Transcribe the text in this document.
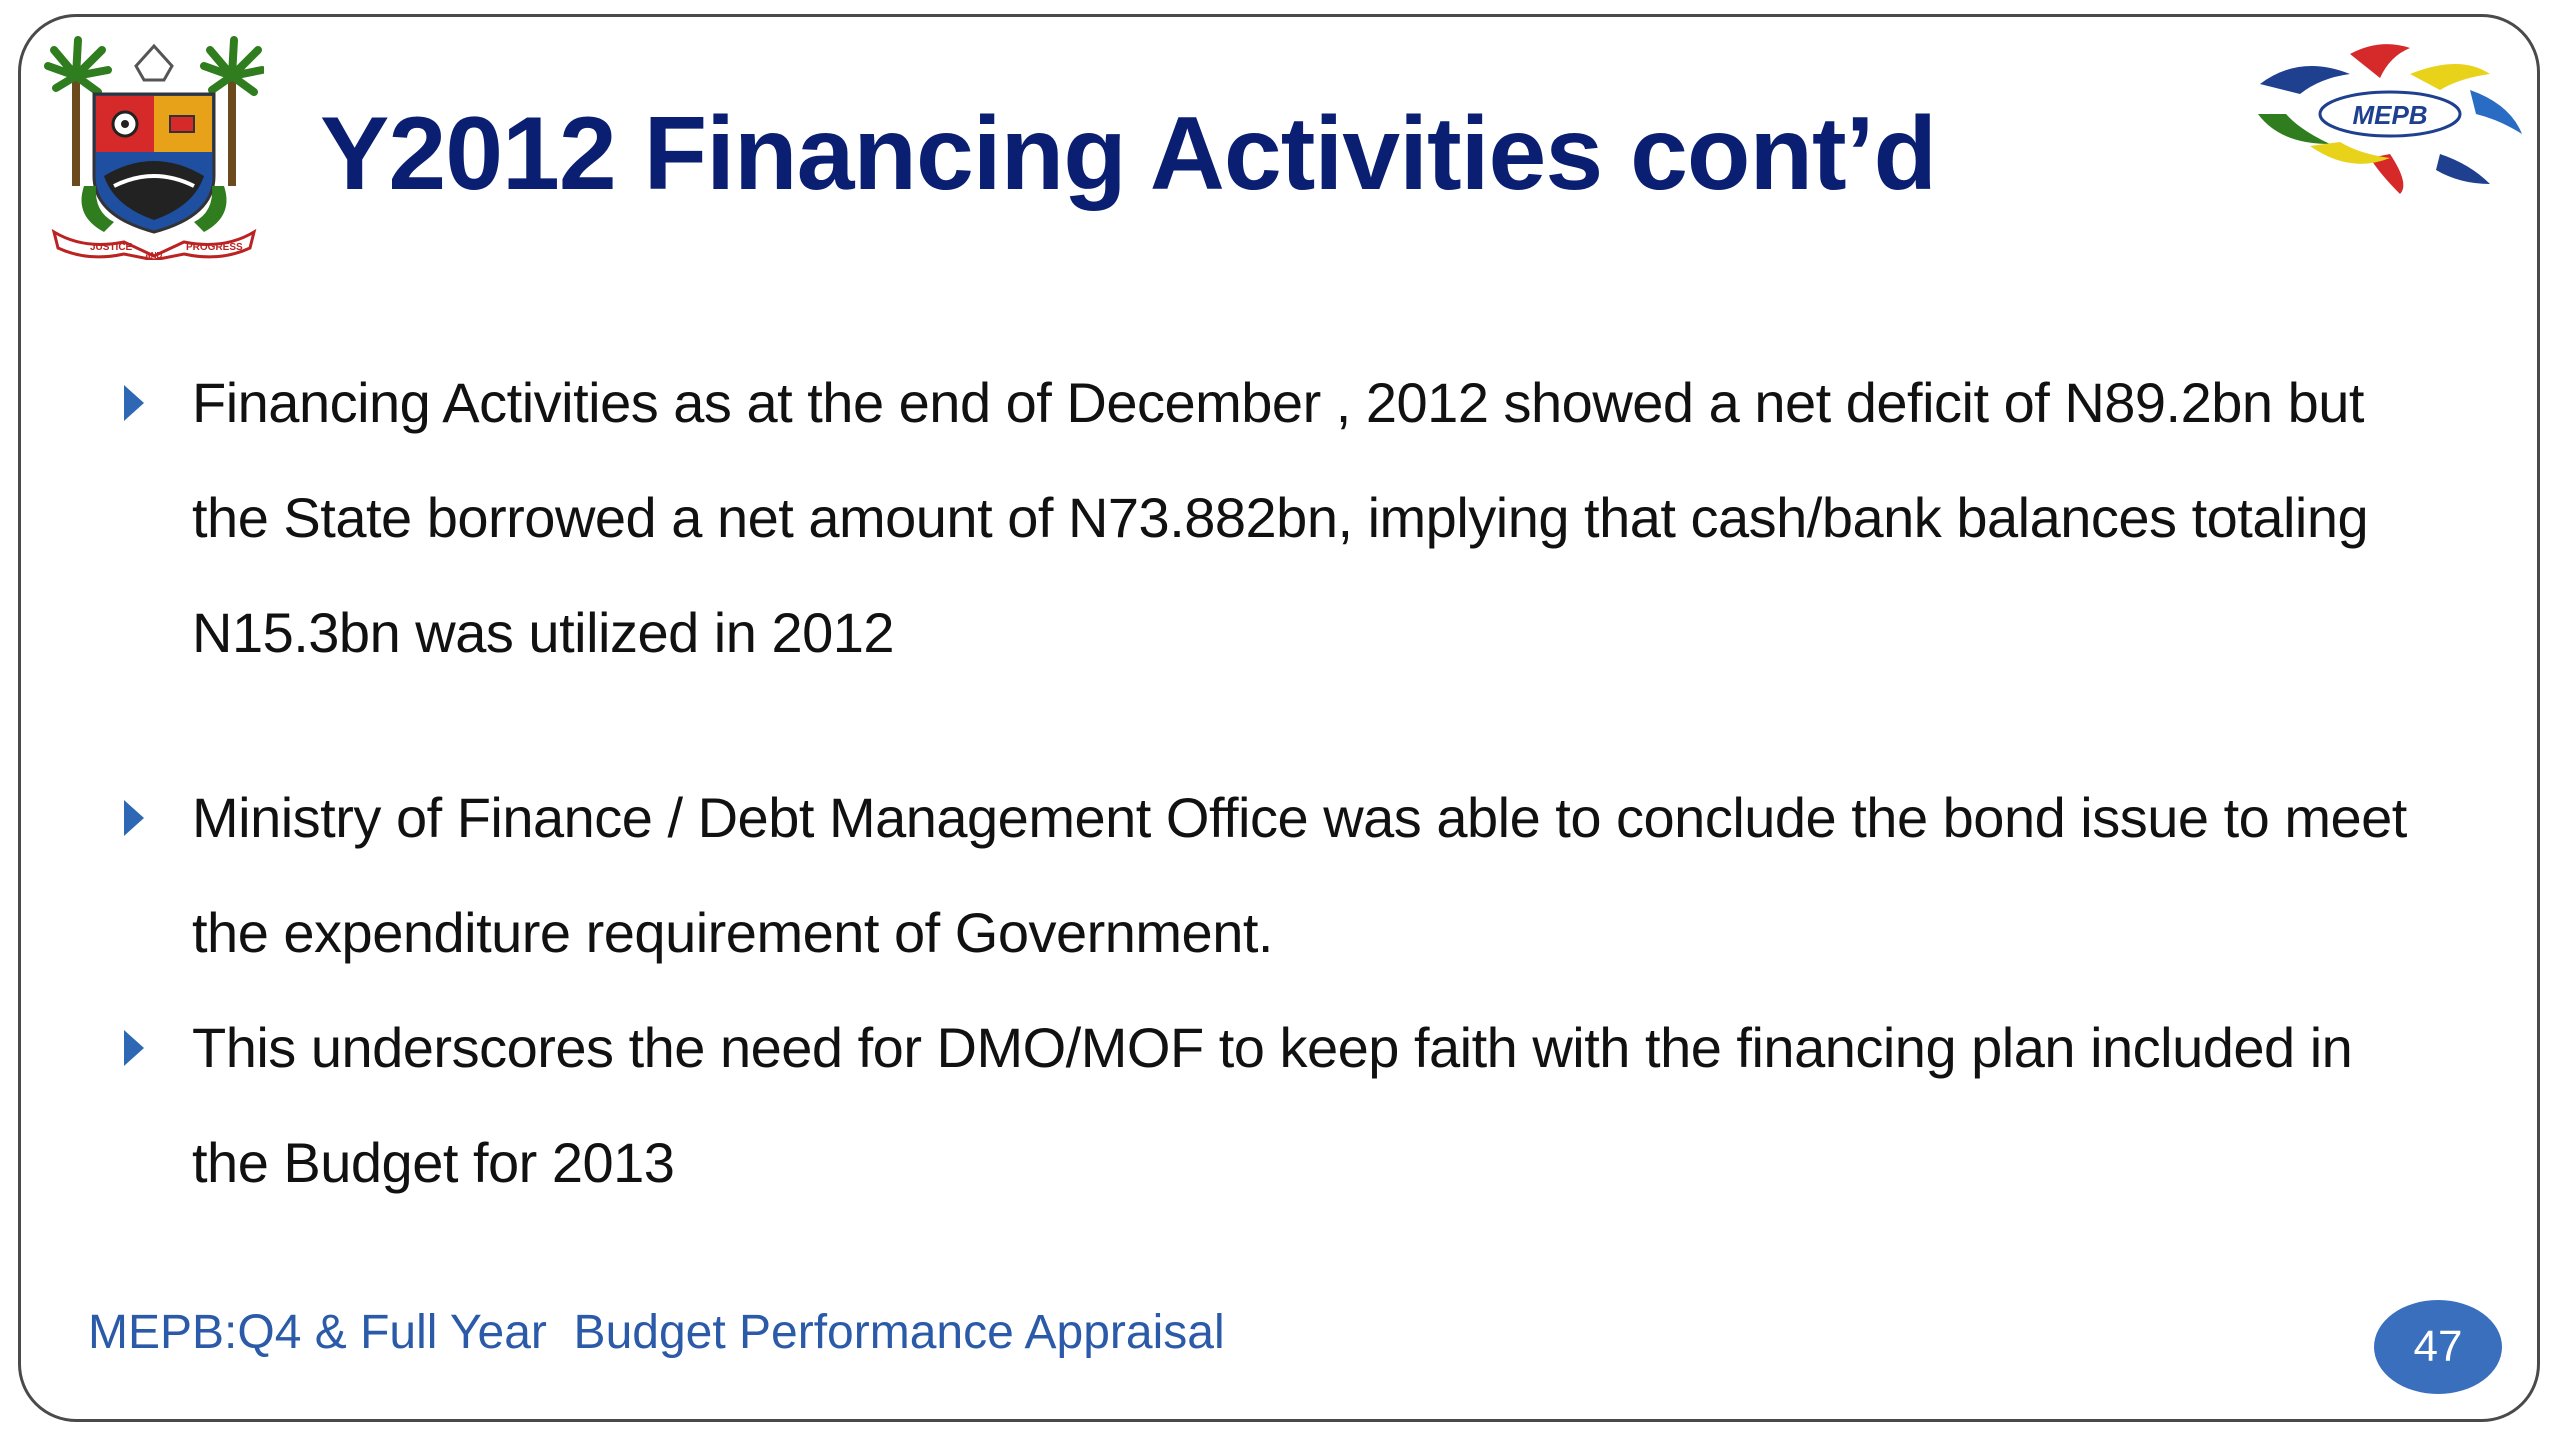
JUSTICE
AND
PROGRESS
Y2012 Financing Activities cont’d	MEPB
Financing Activities as at the end of December , 2012 showed a net deficit of N89.2bn but the State borrowed a net amount of N73.882bn, implying that cash/bank balances totaling N15.3bn was utilized in 2012
Ministry of Finance / Debt Management Office was able to conclude the bond issue to meet the expenditure requirement of Government.
This underscores the need for DMO/MOF to keep faith with the financing plan included in the Budget for 2013
MEPB:Q4 & Full Year  Budget Performance Appraisal	47
